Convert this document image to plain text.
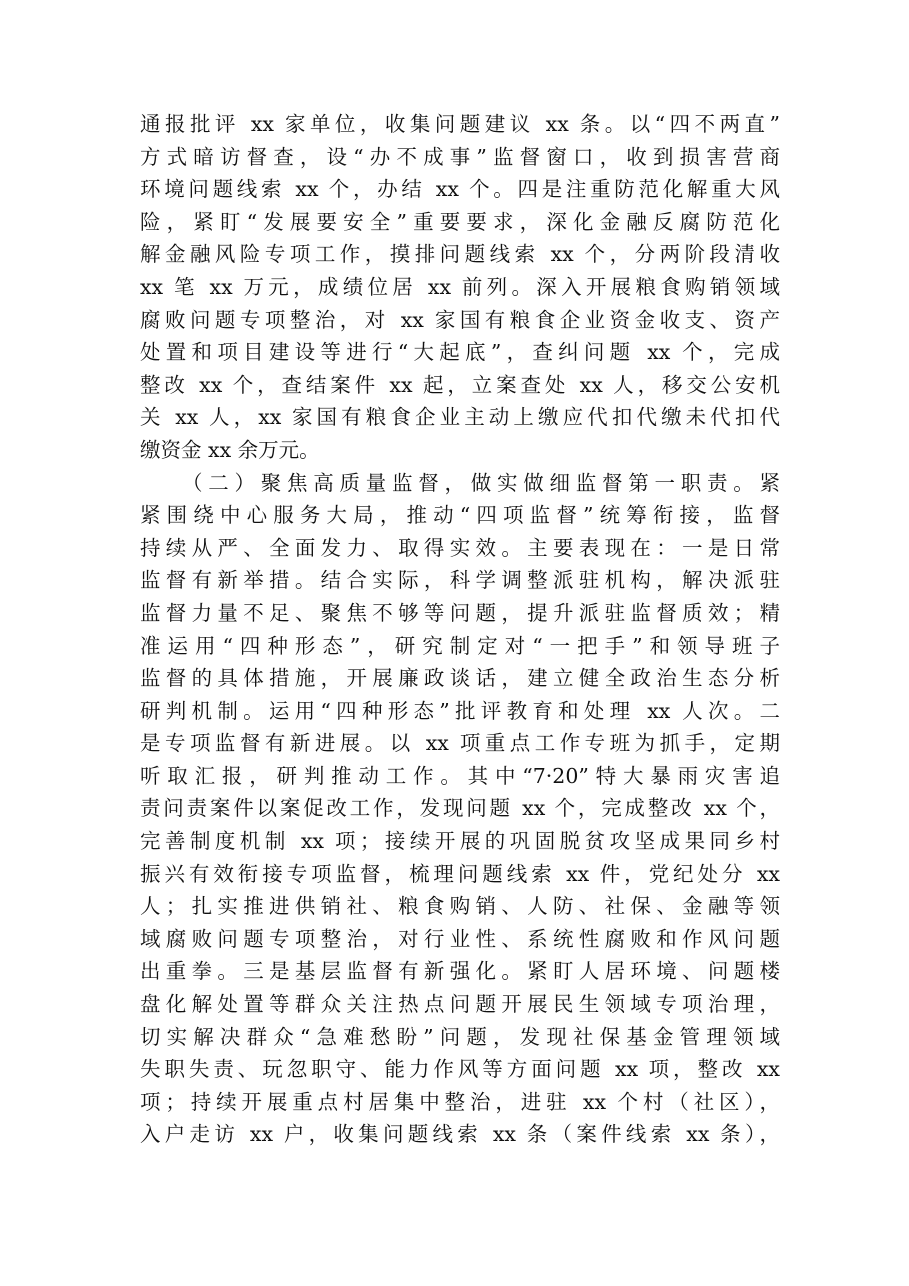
通报批评 xx 家单位，收集问题建议 xx 条。以“四不两直”
方式暗访督查，设“办不成事”监督窗口，收到损害营商
环境问题线索 xx 个，办结 xx 个。四是注重防范化解重大风
险，紧盯“发展要安全”重要要求，深化金融反腐防范化
解金融风险专项工作，摸排问题线索 xx 个，分两阶段清收
xx 笔 xx 万元，成绩位居 xx 前列。深入开展粮食购销领域
腐败问题专项整治，对 xx 家国有粮食企业资金收支、资产
处置和项目建设等进行“大起底”，查纠问题 xx 个，完成
整改 xx 个，查结案件 xx 起，立案查处 xx 人，移交公安机
关 xx 人，xx 家国有粮食企业主动上缴应代扣代缴未代扣代
缴资金 xx 余万元。
（二）聚焦高质量监督，做实做细监督第一职责。紧
紧围绕中心服务大局，推动“四项监督”统筹衔接，监督
持续从严、全面发力、取得实效。主要表现在：一是日常
监督有新举措。结合实际，科学调整派驻机构，解决派驻
监督力量不足、聚焦不够等问题，提升派驻监督质效；精
准运用“四种形态”，研究制定对“一把手”和领导班子
监督的具体措施，开展廉政谈话，建立健全政治生态分析
研判机制。运用“四种形态”批评教育和处理 xx 人次。二
是专项监督有新进展。以 xx 项重点工作专班为抓手，定期
听取汇报，研判推动工作。其中“7·20”特大暴雨灾害追
责问责案件以案促改工作，发现问题 xx 个，完成整改 xx 个，
完善制度机制 xx 项；接续开展的巩固脱贫攻坚成果同乡村
振兴有效衔接专项监督，梳理问题线索 xx 件，党纪处分 xx
人；扎实推进供销社、粮食购销、人防、社保、金融等领
域腐败问题专项整治，对行业性、系统性腐败和作风问题
出重拳。三是基层监督有新强化。紧盯人居环境、问题楼
盘化解处置等群众关注热点问题开展民生领域专项治理，
切实解决群众“急难愁盼”问题，发现社保基金管理领域
失职失责、玩忽职守、能力作风等方面问题 xx 项，整改 xx
项；持续开展重点村居集中整治，进驻 xx 个村（社区），
入户走访 xx 户，收集问题线索 xx 条（案件线索 xx 条），
